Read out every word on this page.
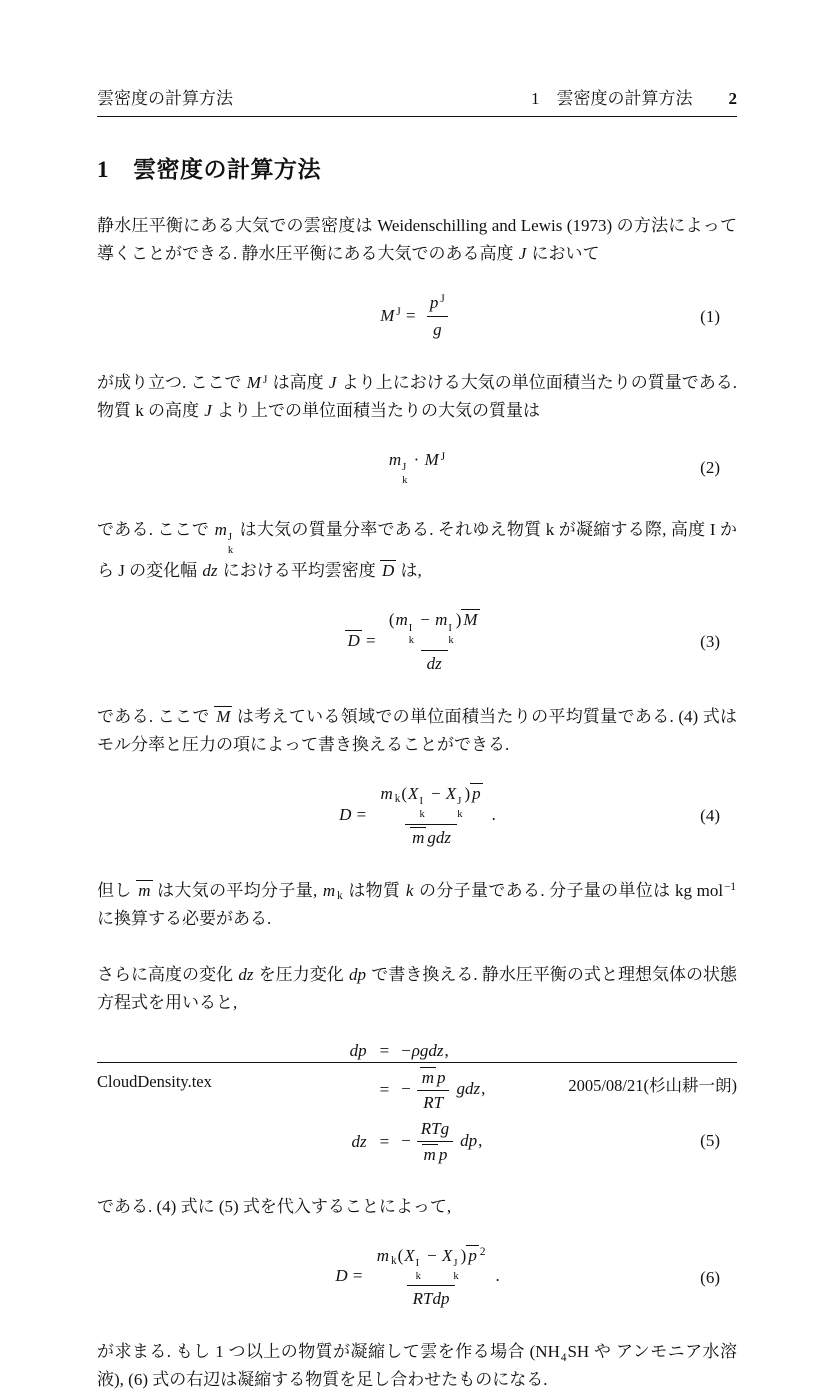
雲密度の計算方法	1　雲密度の計算方法 2
1 雲密度の計算方法

静水圧平衡にある大気での雲密度は Weidenschilling and Lewis (1973) の方法によって導くことができる. 静水圧平衡にある大気でのある高度 J において

M $^J = \frac{p ^J}{g}$	(1)

が成り立つ. ここで M $^J$ は高度 J より上における大気の単位面積当たりの質量である. 物質 k の高度 J より上での単位面積当たりの大気の質量は

m J
k
· M $^J$
(2)

である. ここで m J
k
は大気の質量分率である. それゆえ物質 k が凝縮する際, 高度 I から J の変化幅 dz における平均雲密度 D は,

D = (m I
k
− m I
k
) M
dz	(3)

である. ここで M は考えている領域での単位面積当たりの平均質量である. (4) 式はモル分率と圧力の項によって書き換えることができる.

D = m k(X I
k
− X J
k
) p
m gdz .	(4)

但し m は大気の平均分子量, m k は物質 k の分子量である. 分子量の単位は kg mol$^{-1}$ に換算する必要がある.

さらに高度の変化 dz を圧力変化 dp で書き換える. 静水圧平衡の式と理想気体の状態方程式を用いると,

dp = −ρgdz,
= − $\frac{\text{m p}}{RT}$ gdz,
dz = − $\frac{\text{RTg}}{\text{m p}}$ dp,	(5)

である. (4) 式に (5) 式を代入することによって,

D = m k(X I
k
− X J
k
) p $^2$
RTdp .	(6)

が求まる. もし 1 つ以上の物質が凝縮して雲を作る場合 (NH4SH や アンモニア水溶液), (6) 式の右辺は凝縮する物質を足し合わせたものになる.

CloudDensity.tex	2005/08/21(杉山耕一朗)
